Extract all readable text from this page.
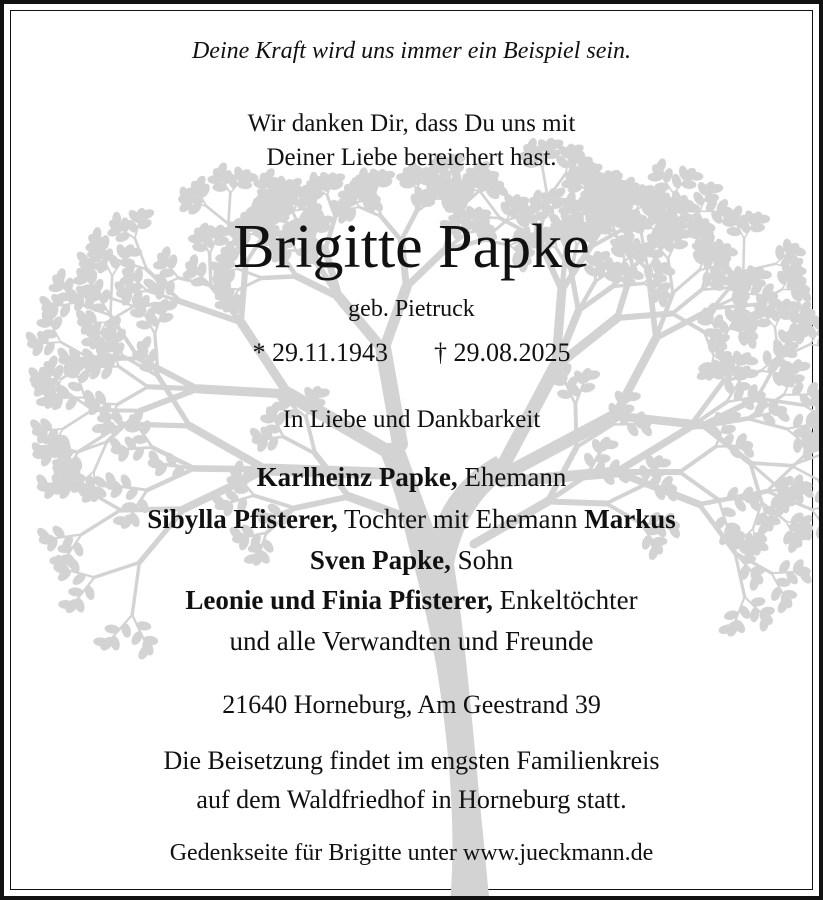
Deine Kraft wird uns immer ein Beispiel sein.
Wir danken Dir, dass Du uns mit
Deiner Liebe bereichert hast.
Brigitte Papke
geb. Pietruck
* 29.11.1943 † 29.08.2025
In Liebe und Dankbarkeit
Karlheinz Papke, Ehemann
Sibylla Pfisterer, Tochter mit Ehemann Markus
Sven Papke, Sohn
Leonie und Finia Pfisterer, Enkeltöchter
und alle Verwandten und Freunde
21640 Horneburg, Am Geestrand 39
Die Beisetzung findet im engsten Familienkreis
auf dem Waldfriedhof in Horneburg statt.
Gedenkseite für Brigitte unter www.jueckmann.de
